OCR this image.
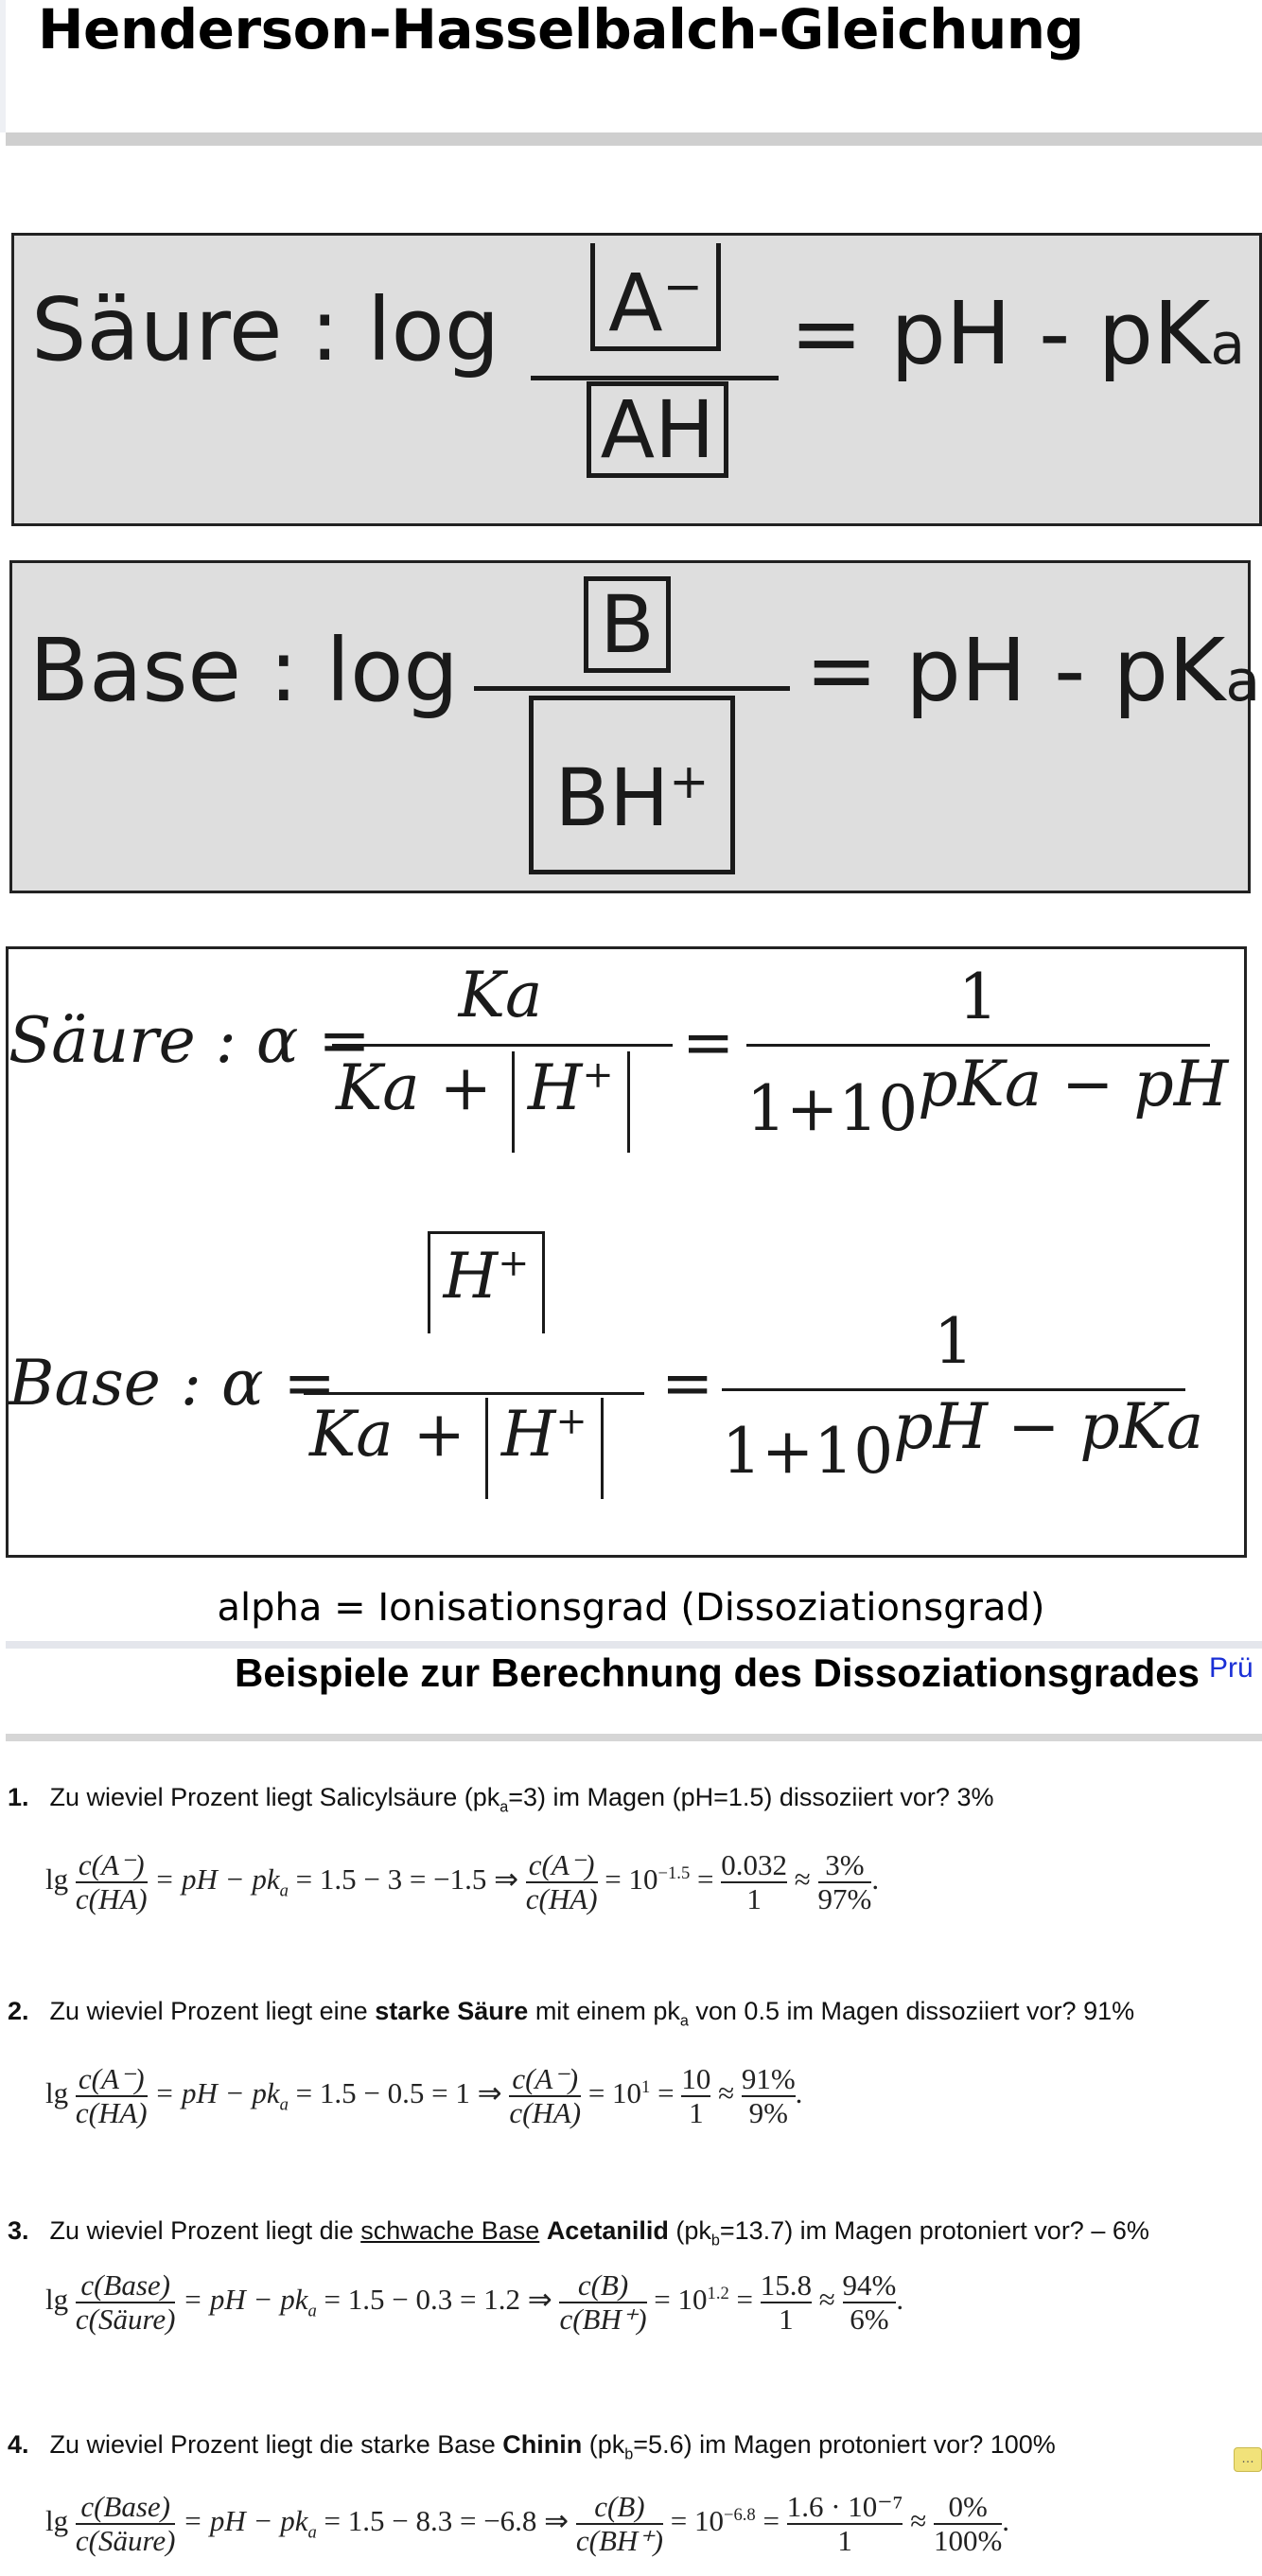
Henderson-Hasselbalch-Gleichung
Säure : log	A−
AH
= pH - pKa
Base : log	B
BH+
= pH - pKa
Säure : α =
Ka
Ka + H+ =
1
1+10pKa − pH
Base : α =
H+
Ka + H+
=
1
1+10pH − pKa
alpha = Ionisationsgrad (Dissoziationsgrad)
Beispiele zur Berechnung des Dissoziationsgrades Prü
1. Zu wieviel Prozent liegt Salicylsäure $(pk_a=3)$ im Magen (pH=1.5) dissoziiert vor? 3%
$\lg \frac{c(A^-)}{c(HA)}$ = pH − $pk_a = 1.5 - 3 = -1.5$ ⇒ $\frac{c(A^-)}{c(HA)} = 10^{-1.5} = \frac{0.032}{1} \approx \frac{3\%}{97\%}$ .
2. Zu wieviel Prozent liegt eine starke Säure mit einem $pk_a$ von 0.5 im Magen dissoziiert vor? 91%
$\lg \frac{c(A^-)}{c(HA)}$ = pH − $pk_a = 1.5 - 0.5 = 1$ ⇒ $\frac{c(A^-)}{c(HA)} = 10^1 = \frac{10}{1} \approx \frac{91\%}{9\%}$ .
3. Zu wieviel Prozent liegt die schwache Base Acetanilid $(pk_b=13.7)$ im Magen protoniert vor? – 6%
lg c(Base)
c(Säure)
= pH − $pk_a = 1.5 - 0.3 = 1.2$ ⇒ $\frac{c(B)}{c(BH^+)} = 10^{1.2} = \frac{15.8}{1} \approx \frac{94\%}{6\%}$ .
4. Zu wieviel Prozent liegt die starke Base Chinin $(pk_b=5.6)$ im Magen protoniert vor? 100%	…
lg c(Base)
c(Säure)
= pH − $pk_a = 1.5 - 8.3 = -6.8$ ⇒ $\frac{c(B)}{c(BH^+)} = 10^{-6.8} = \frac{\text{1.6 · 10⁻⁷}}{1} \approx \frac{0\%}{100\%}$ .
